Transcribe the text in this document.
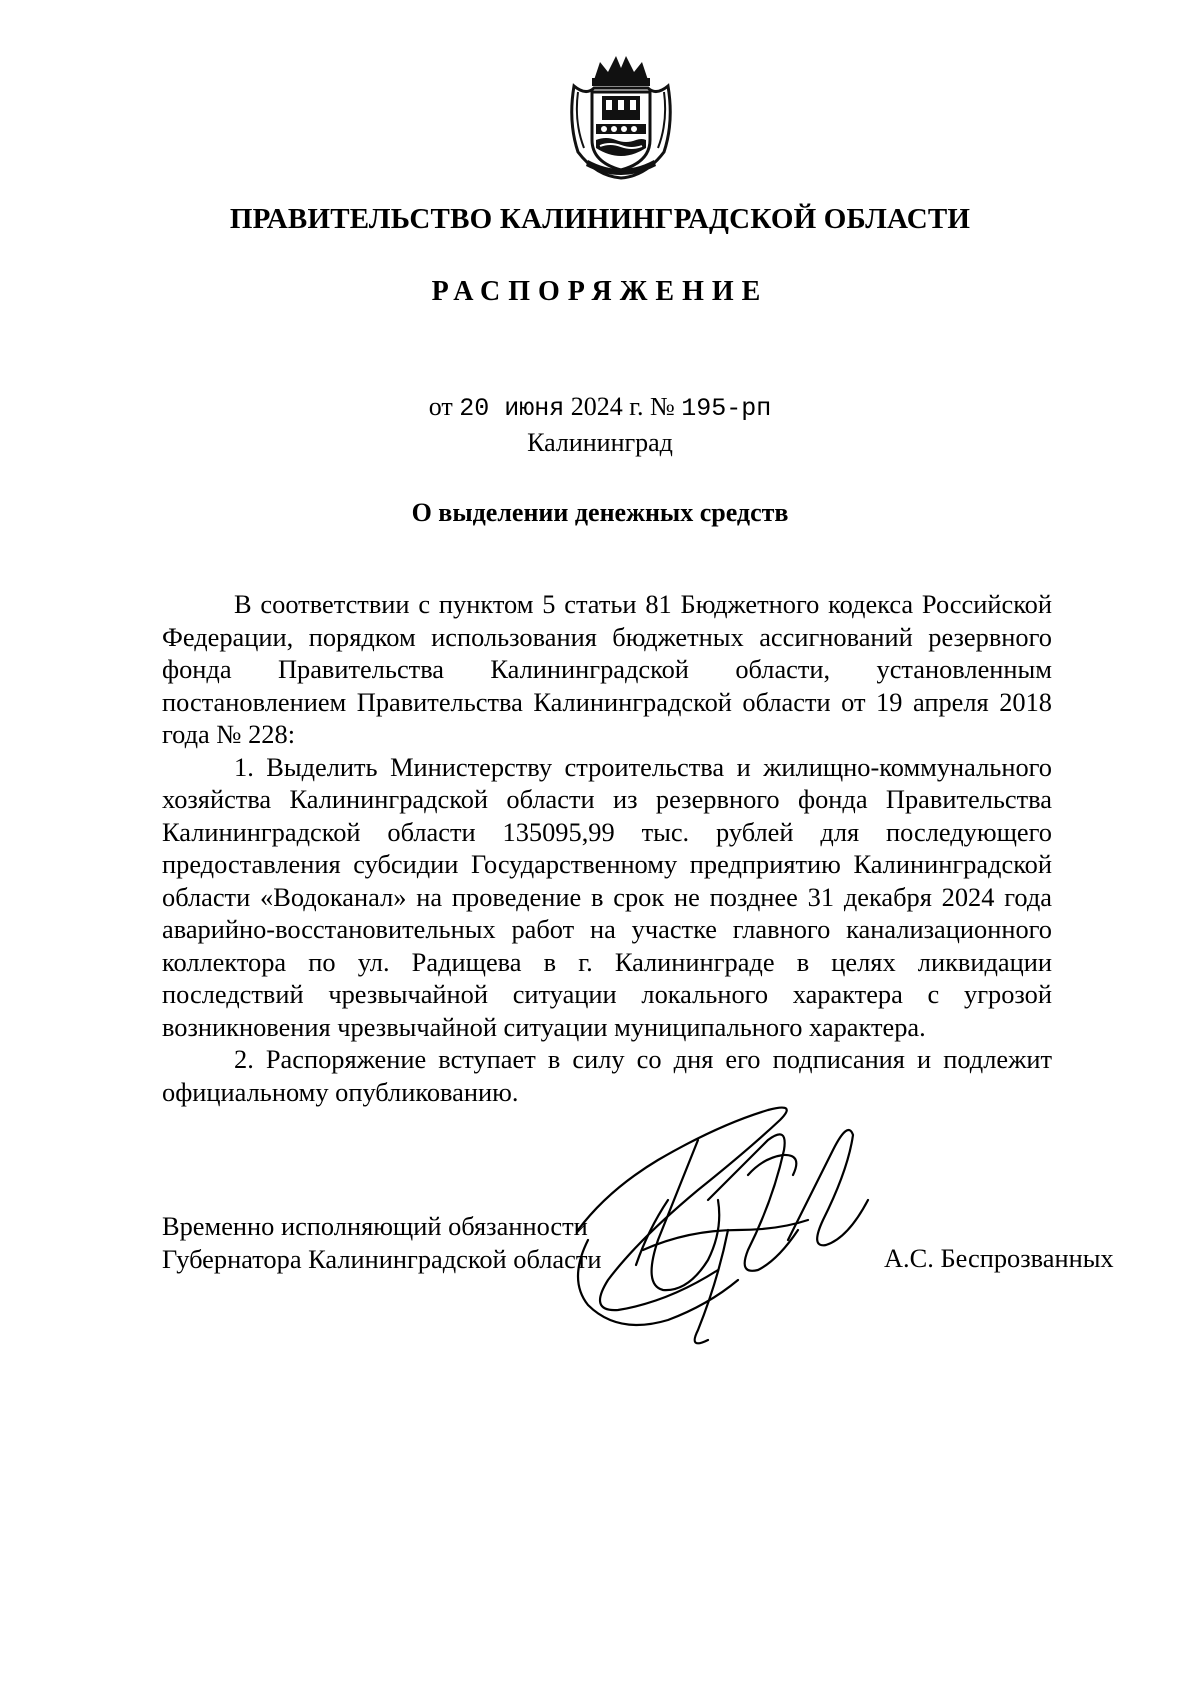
ПРАВИТЕЛЬСТВО КАЛИНИНГРАДСКОЙ ОБЛАСТИ
РАСПОРЯЖЕНИЕ
от 20 июня 2024 г. № 195-рп
Калининград
О выделении денежных средств

В соответствии с пунктом 5 статьи 81 Бюджетного кодекса Российской Федерации, порядком использования бюджетных ассигнований резервного фонда Правительства Калининградской области, установленным постановлением Правительства Калининградской области от 19 апреля 2018 года № 228:

1. Выделить Министерству строительства и жилищно-коммунального хозяйства Калининградской области из резервного фонда Правительства Калининградской области 135095,99 тыс. рублей для последующего предоставления субсидии Государственному предприятию Калининградской области «Водоканал» на проведение в срок не позднее 31 декабря 2024 года аварийно-восстановительных работ на участке главного канализационного коллектора по ул. Радищева в г. Калининграде в целях ликвидации последствий чрезвычайной ситуации локального характера с угрозой возникновения чрезвычайной ситуации муниципального характера.

2. Распоряжение вступает в силу со дня его подписания и подлежит официальному опубликованию.

Временно исполняющий обязанности
Губернатора Калининградской области	А.С. Беспрозванных
